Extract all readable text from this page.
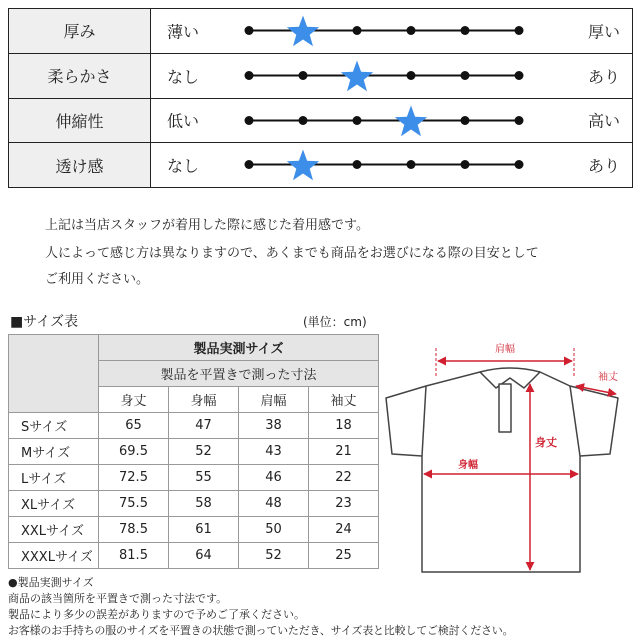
厚み	薄い 厚い

柔らかさ	なし あり

伸縮性	低い 高い

透け感	なし あり
上記は当店スタッフが着用した際に感じた着用感です。
人によって感じ方は異なりますので、あくまでも商品をお選びになる際の目安として
ご利用ください。
■サイズ表	(単位：cm)
	製品実測サイズ			
	製品を平置きで測った寸法			
	身丈	身幅	肩幅	袖丈
Sサイズ	65	47	38	18
Mサイズ	69.5	52	43	21
Lサイズ	72.5	55	46	22
XLサイズ	75.5	58	48	23
XXLサイズ	78.5	61	50	24
XXXLサイズ	81.5	64	52	25
肩幅
袖丈
身丈
身幅
●製品実測サイズ
商品の該当箇所を平置きで測った寸法です。
製品により多少の誤差がありますので予めご了承ください。
お客様のお手持ちの服のサイズを平置きの状態で測っていただき、サイズ表と比較してご検討ください。
